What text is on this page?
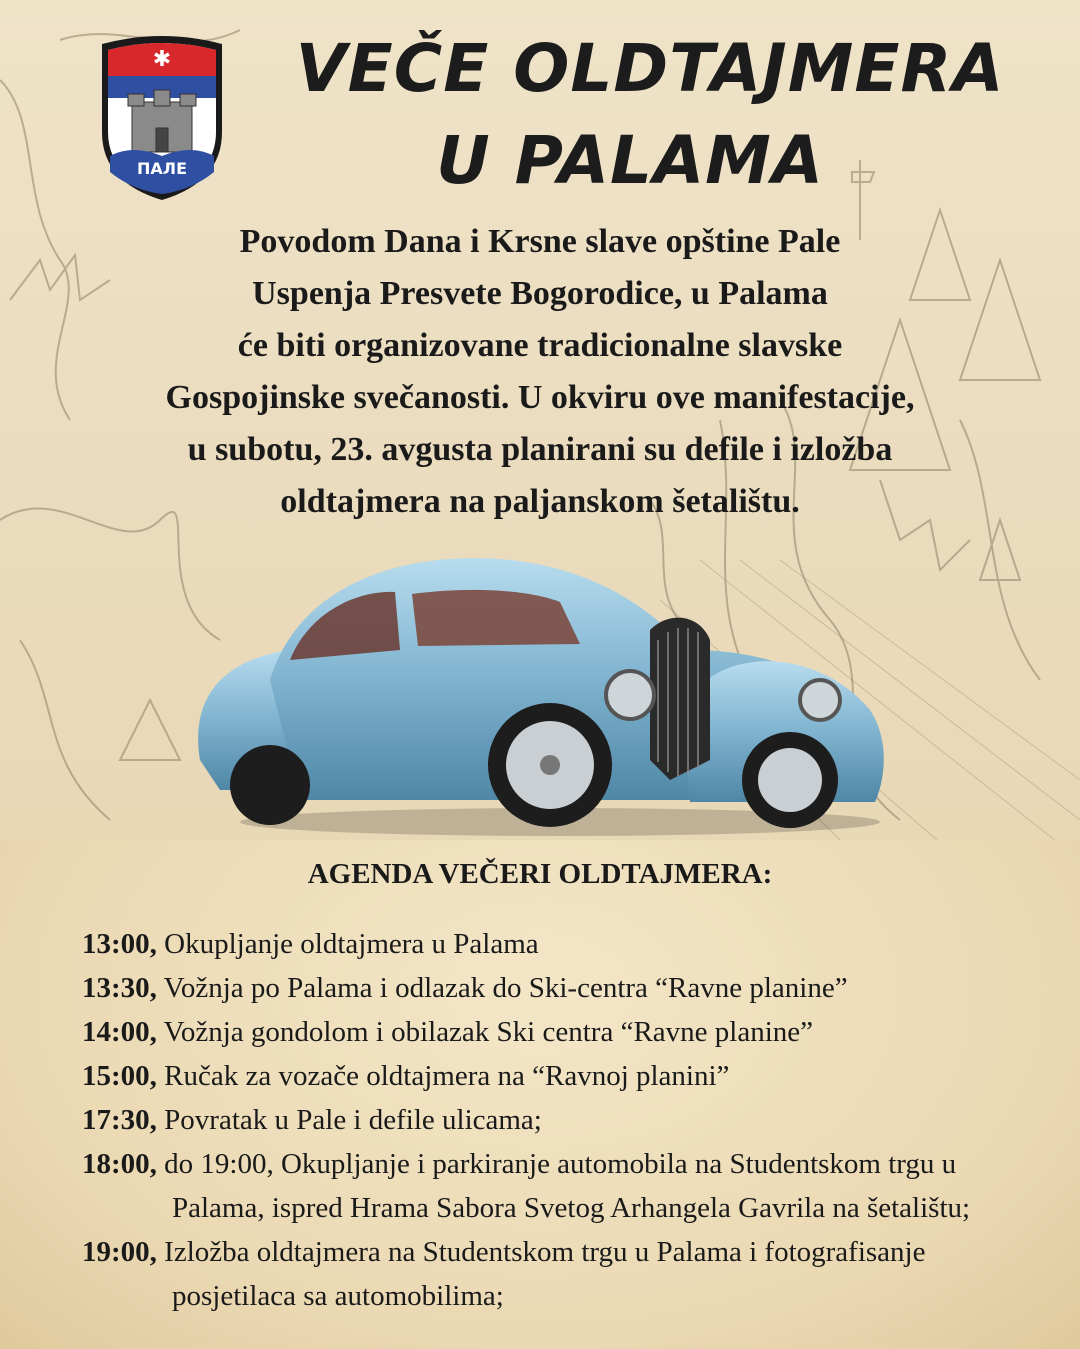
ПАЛЕ
✱	VEČE OLDTAJMERA
U PALAMA

Povodom Dana i Krsne slave opštine Pale
Uspenja Presvete Bogorodice, u Palama
će biti organizovane tradicionalne slavske
Gospojinske svečanosti. U okviru ove manifestacije,
u subotu, 23. avgusta planirani su defile i izložba
oldtajmera na paljanskom šetalištu.

AGENDA VEČERI OLDTAJMERA:
13:00, Okupljanje oldtajmera u Palama
13:30, Vožnja po Palama i odlazak do Ski-centra “Ravne planine”
14:00, Vožnja gondolom i obilazak Ski centra “Ravne planine”
15:00, Ručak za vozače oldtajmera na “Ravnoj planini”
17:30, Povratak u Pale i defile ulicama;
18:00, do 19:00, Okupljanje i parkiranje automobila na Studentskom trgu u Palama, ispred Hrama Sabora Svetog Arhangela Gavrila na šetalištu;
19:00, Izložba oldtajmera na Studentskom trgu u Palama i fotografisanje posjetilaca sa automobilima;
